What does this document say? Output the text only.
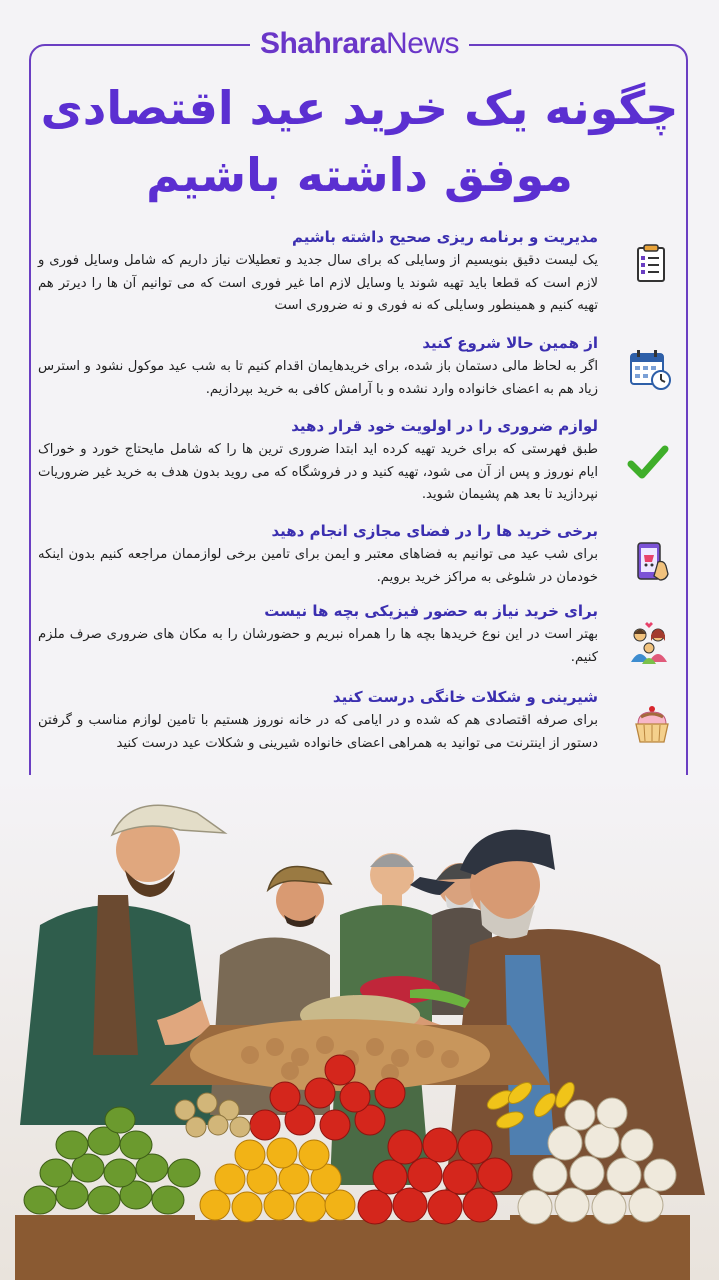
ShahraraNews
چگونه یک خرید عید اقتصادی
موفق داشته باشیم

مدیریت و برنامه ریزی صحیح داشته باشیم

یک لیست دقیق بنویسیم از وسایلی که برای سال جدید و تعطیلات نیاز داریم که شامل وسایل فوری و لازم است که قطعا باید تهیه شوند یا وسایل لازم اما غیر فوری است که می توانیم آن ها را دیرتر هم تهیه کنیم و همینطور وسایلی که نه فوری و نه ضروری است

از همین حالا شروع کنید

اگر به لحاظ مالی دستمان باز شده، برای خریدهایمان اقدام کنیم تا به شب عید موکول نشود و استرس زیاد هم به اعضای خانواده وارد نشده و با آرامش کافی به خرید بپردازیم.

لوازم ضروری را در اولویت خود قرار دهید

طبق فهرستی که برای خرید تهیه کرده اید ابتدا ضروری ترین ها را که شامل مایحتاج خورد و خوراک ایام نوروز و پس از آن می شود، تهیه کنید و در فروشگاه که می روید بدون هدف به خرید غیر ضروریات نپردازید تا بعد هم پشیمان شوید.

برخی خرید ها را در فضای مجازی انجام دهید

برای شب عید می توانیم به فضاهای معتبر و ایمن برای تامین برخی لوازممان مراجعه کنیم بدون اینکه خودمان در شلوغی به مراکز خرید برویم.

برای خرید نیاز به حضور فیزیکی بچه ها نیست

بهتر است در این نوع خریدها بچه ها را همراه نبریم و حضورشان را به مکان های ضروری صرف ملزم کنیم.

شیرینی و شکلات خانگی درست کنید

برای صرفه اقتصادی هم که شده و در ایامی که در خانه نوروز هستیم با تامین لوازم مناسب و گرفتن دستور از اینترنت می توانید به همراهی اعضای خانواده شیرینی و شکلات عید درست کنید
